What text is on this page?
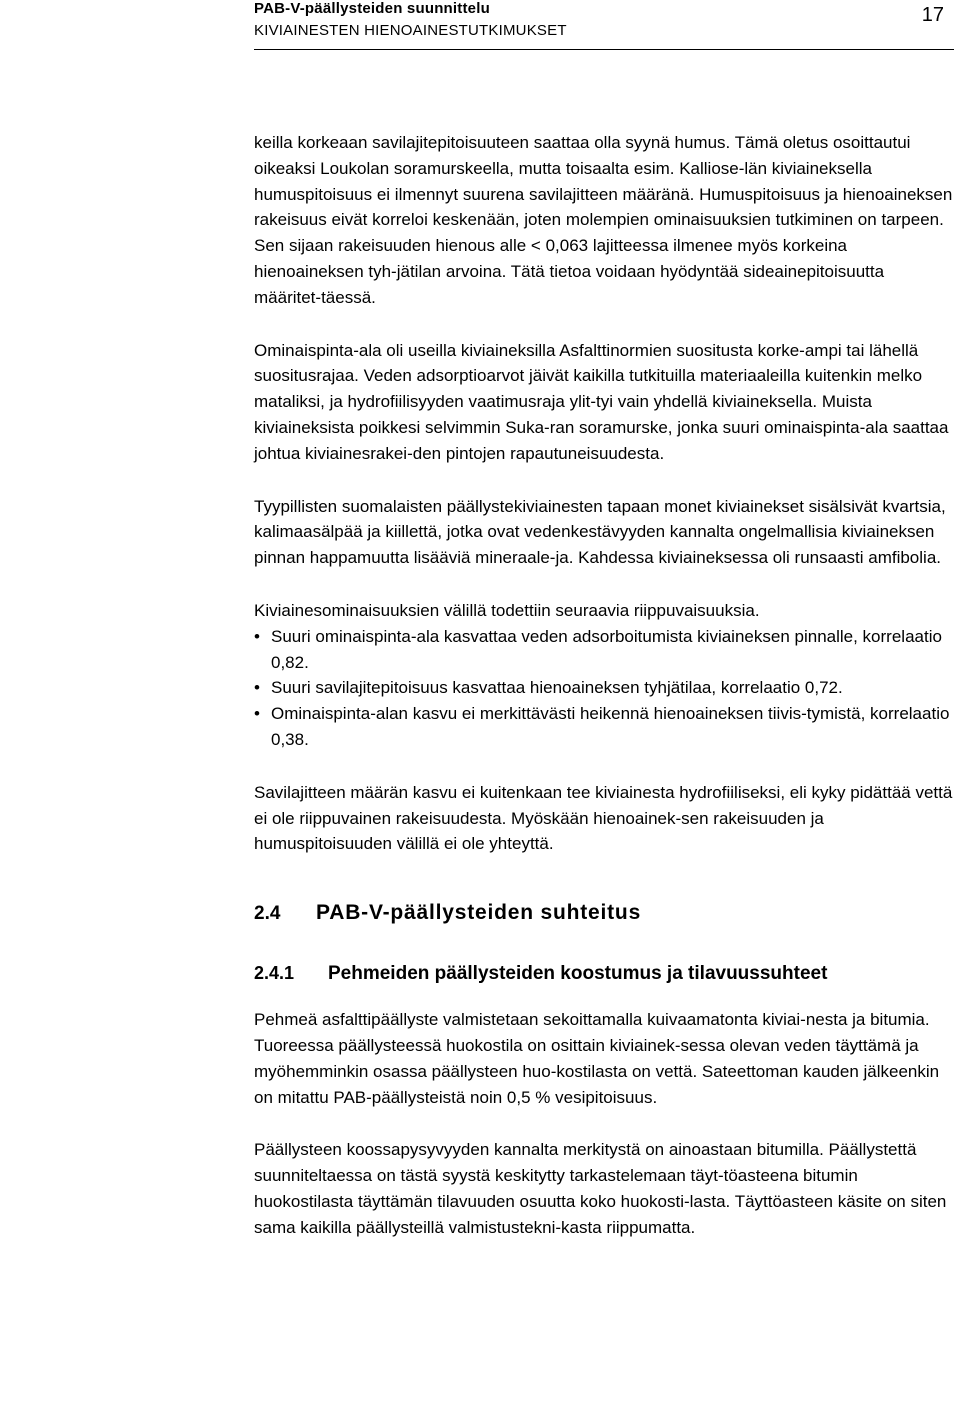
PAB-V-päällysteiden suunnittelu
KIVIAINESTEN HIENOAINESTUTKIMUKSET
17

keilla korkeaan savilajitepitoisuuteen saattaa olla syynä humus. Tämä oletus osoittautui oikeaksi Loukolan soramurskeella, mutta toisaalta esim. Kalliose-län kiviaineksella humuspitoisuus ei ilmennyt suurena savilajitteen määränä. Humuspitoisuus ja hienoaineksen rakeisuus eivät korreloi keskenään, joten molempien ominaisuuksien tutkiminen on tarpeen. Sen sijaan rakeisuuden hienous alle < 0,063 lajitteessa ilmenee myös korkeina hienoaineksen tyh-jätilan arvoina. Tätä tietoa voidaan hyödyntää sideainepitoisuutta määritet-täessä.

Ominaispinta-ala oli useilla kiviaineksilla Asfalttinormien suositusta korke-ampi tai lähellä suositusrajaa. Veden adsorptioarvot jäivät kaikilla tutkituilla materiaaleilla kuitenkin melko mataliksi, ja hydrofiilisyyden vaatimusraja ylit-tyi vain yhdellä kiviaineksella. Muista kiviaineksista poikkesi selvimmin Suka-ran soramurske, jonka suuri ominaispinta-ala saattaa johtua kiviainesrakei-den pintojen rapautuneisuudesta.

Tyypillisten suomalaisten päällystekiviainesten tapaan monet kiviainekset sisälsivät kvartsia, kalimaasälpää ja kiillettä, jotka ovat vedenkestävyyden kannalta ongelmallisia kiviaineksen pinnan happamuutta lisääviä mineraale-ja. Kahdessa kiviaineksessa oli runsaasti amfibolia.

Kiviainesominaisuuksien välillä todettiin seuraavia riippuvaisuuksia.

• Suuri ominaispinta-ala kasvattaa veden adsorboitumista kiviaineksen pinnalle, korrelaatio 0,82.
• Suuri savilajitepitoisuus kasvattaa hienoaineksen tyhjätilaa, korrelaatio 0,72.
• Ominaispinta-alan kasvu ei merkittävästi heikennä hienoaineksen tiivis-tymistä, korrelaatio 0,38.

Savilajitteen määrän kasvu ei kuitenkaan tee kiviainesta hydrofiiliseksi, eli kyky pidättää vettä ei ole riippuvainen rakeisuudesta. Myöskään hienoainek-sen rakeisuuden ja humuspitoisuuden välillä ei ole yhteyttä.

2.4	PAB-V-päällysteiden suhteitus
2.4.1	Pehmeiden päällysteiden koostumus ja tilavuussuhteet

Pehmeä asfalttipäällyste valmistetaan sekoittamalla kuivaamatonta kiviai-nesta ja bitumia. Tuoreessa päällysteessä huokostila on osittain kiviainek-sessa olevan veden täyttämä ja myöhemminkin osassa päällysteen huo-kostilasta on vettä. Sateettoman kauden jälkeenkin on mitattu PAB-päällysteistä noin 0,5 % vesipitoisuus.

Päällysteen koossapysyvyyden kannalta merkitystä on ainoastaan bitumilla. Päällystettä suunniteltaessa on tästä syystä keskitytty tarkastelemaan täyt-töasteena bitumin huokostilasta täyttämän tilavuuden osuutta koko huokosti-lasta. Täyttöasteen käsite on siten sama kaikilla päällysteillä valmistustekni-kasta riippumatta.
